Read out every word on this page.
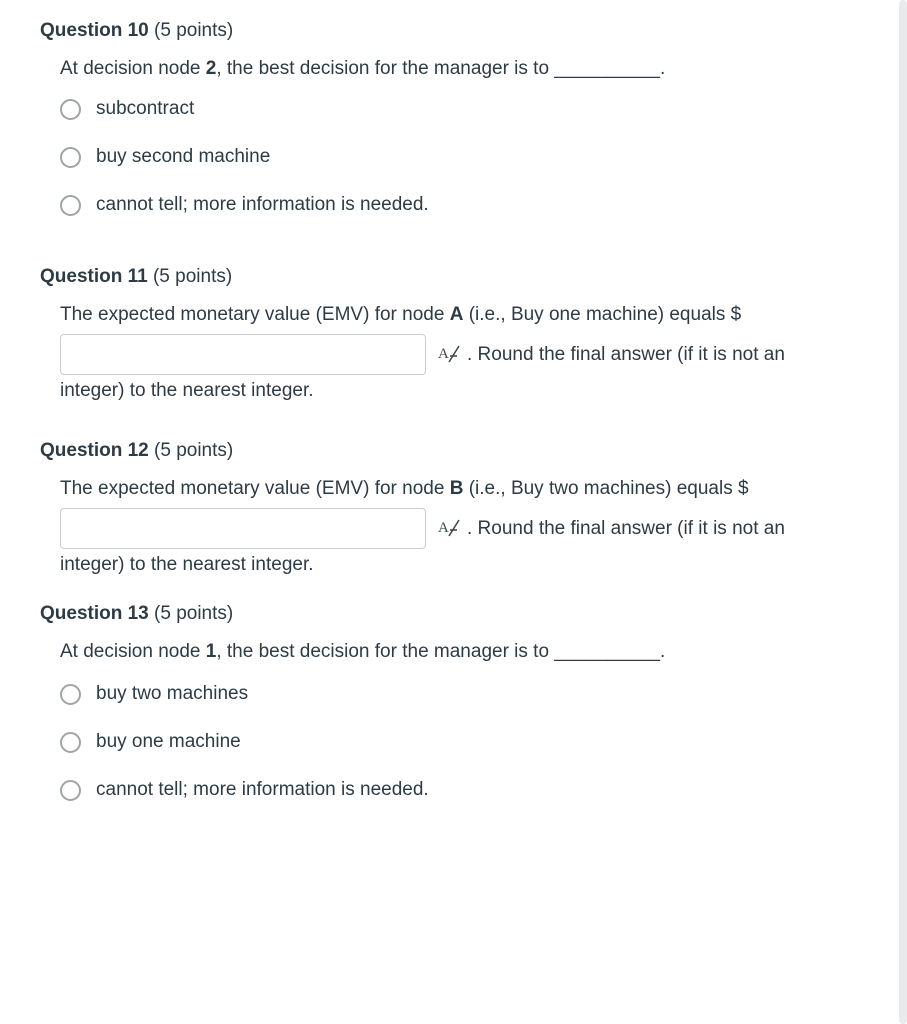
Question 10 (5 points)
At decision node 2, the best decision for the manager is to __________.
subcontract
buy second machine
cannot tell; more information is needed.
Question 11 (5 points)
The expected monetary value (EMV) for node A (i.e., Buy one machine) equals $
A . Round the final answer (if it is not an
integer) to the nearest integer.
Question 12 (5 points)
The expected monetary value (EMV) for node B (i.e., Buy two machines) equals $
A . Round the final answer (if it is not an
integer) to the nearest integer.
Question 13 (5 points)
At decision node 1, the best decision for the manager is to __________.
buy two machines
buy one machine
cannot tell; more information is needed.
